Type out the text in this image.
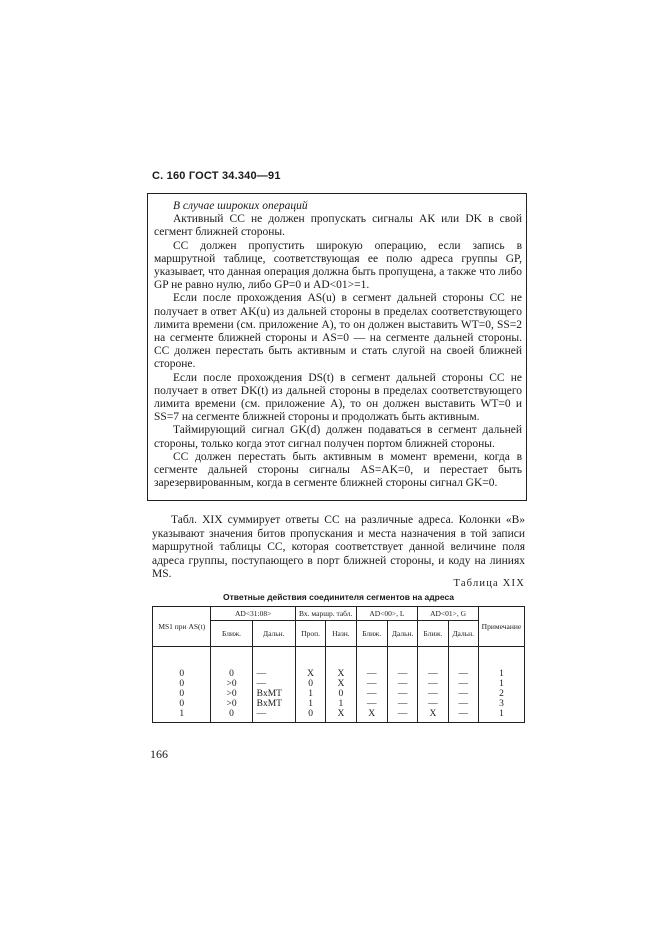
С. 160 ГОСТ 34.340—91

В случае широких операций

Активный СС не должен пропускать сигналы АК или DK в свой сегмент ближней стороны.

СС должен пропустить широкую операцию, если запись в маршрутной таблице, соответствующая ее полю адреса группы GP, указывает, что данная операция должна быть пропущена, а также что либо GP не равно нулю, либо GP=0 и AD<01>=1.

Если после прохождения AS(u) в сегмент дальней стороны СС не получает в ответ AK(u) из дальней стороны в пределах соответствующего лимита времени (см. приложение А), то он должен выставить WT=0, SS=2 на сегменте ближней стороны и AS=0 — на сегменте дальней стороны. СС должен перестать быть активным и стать слугой на своей ближней стороне.

Если после прохождения DS(t) в сегмент дальней стороны СС не получает в ответ DK(t) из дальней стороны в пределах соответствующего лимита времени (см. приложение А), то он должен выставить WT=0 и SS=7 на сегменте ближней стороны и продолжать быть активным.

Таймирующий сигнал GK(d) должен подаваться в сегмент дальней стороны, только когда этот сигнал получен портом ближней стороны.

СС должен перестать быть активным в момент времени, когда в сегменте дальней стороны сигналы AS=AK=0, и перестает быть зарезервированным, когда в сегменте ближней стороны сигнал GK=0.

Табл. XIX суммирует ответы СС на различные адреса. Колонки «В» указывают значения битов пропускания и места назначения в той записи маршрутной таблицы СС, которая соответствует данной величине поля адреса группы, поступающего в порт ближней стороны, и коду на линиях MS.

Таблица XIX
Ответные действия соединителя сегментов на адреса
MS1 при AS(t)	AD<31:08>		Вх. маршр. табл.		AD<00>, L		AD<01>, G		Примечание
	Ближ.	Дальн.	Проп.	Назн.	Ближ.	Дальн.	Ближ.	Дальн.	
0	0	—	X	X	—	—	—	—	1
0	>0	—	0	X	—	—	—	—	1
0	>0	BxMT	1	0	—	—	—	—	2
0	>0	BxMT	1	1	—	—	—	—	3
1	0	—	0	X	X	—	X	—	1
166
